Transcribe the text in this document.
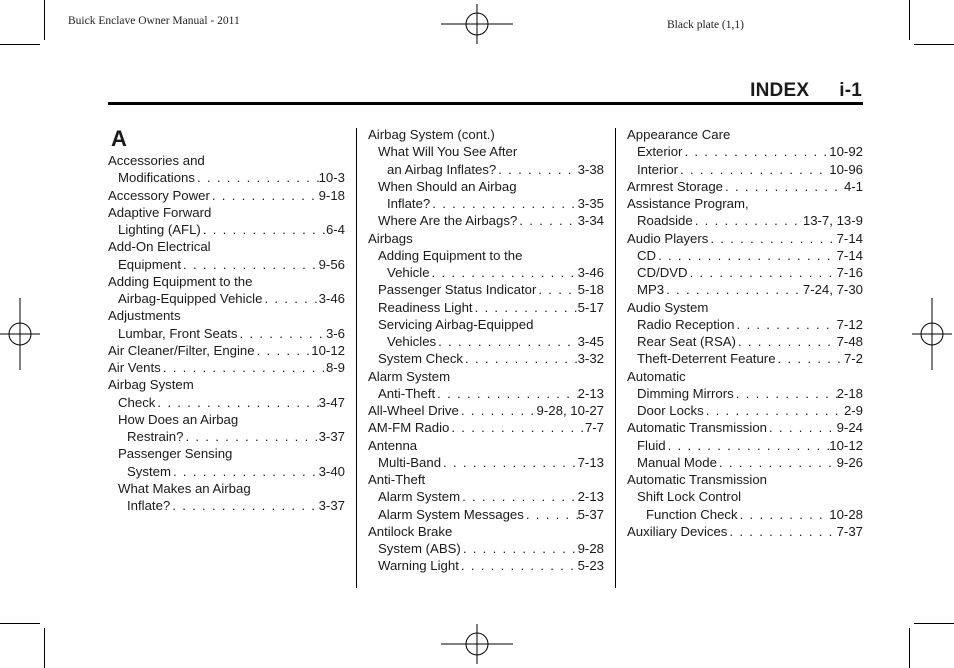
Buick Enclave Owner Manual - 2011	Black plate (1,1)
INDEX i-1
A
Accessories and
Modifications . . .	10-3
Accessory Power . . .	9-18
Adaptive Forward
Lighting (AFL) . . .	6-4
Add-On Electrical
Equipment . . .	9-56
Adding Equipment to the
Airbag-Equipped Vehicle . . .	3-46
Adjustments
Lumbar, Front Seats . . .	3-6
Air Cleaner/Filter, Engine . . .	10-12
Air Vents . . .	8-9
Airbag System
Check . . .	3-47
How Does an Airbag
Restrain? . . .	3-37
Passenger Sensing
System . . .	3-40
What Makes an Airbag
Inflate? . . .	3-37
Airbag System (cont.)
What Will You See After
an Airbag Inflates? . . .	3-38
When Should an Airbag
Inflate? . . .	3-35
Where Are the Airbags? . . .	3-34
Airbags
Adding Equipment to the
Vehicle . . .	3-46
Passenger Status Indicator . . .	5-18
Readiness Light . . .	5-17
Servicing Airbag-Equipped
Vehicles . . .	3-45
System Check . . .	3-32
Alarm System
Anti-Theft . . .	2-13
All-Wheel Drive . . .	9-28, 10-27
AM-FM Radio . . .	7-7
Antenna
Multi-Band . . .	7-13
Anti-Theft
Alarm System . . .	2-13
Alarm System Messages . . .	5-37
Antilock Brake
System (ABS) . . .	9-28
Warning Light . . .	5-23
Appearance Care
Exterior . . .	10-92
Interior . . .	10-96
Armrest Storage . . .	4-1
Assistance Program,
Roadside . . .	13-7, 13-9
Audio Players . . .	7-14
CD . . .	7-14
CD/DVD . . .	7-16
MP3 . . .	7-24, 7-30
Audio System
Radio Reception . . .	7-12
Rear Seat (RSA) . . .	7-48
Theft-Deterrent Feature . . .	7-2
Automatic
Dimming Mirrors . . .	2-18
Door Locks . . .	2-9
Automatic Transmission . . .	9-24
Fluid . . .	10-12
Manual Mode . . .	9-26
Automatic Transmission
Shift Lock Control
Function Check . . .	10-28
Auxiliary Devices . . .	7-37
